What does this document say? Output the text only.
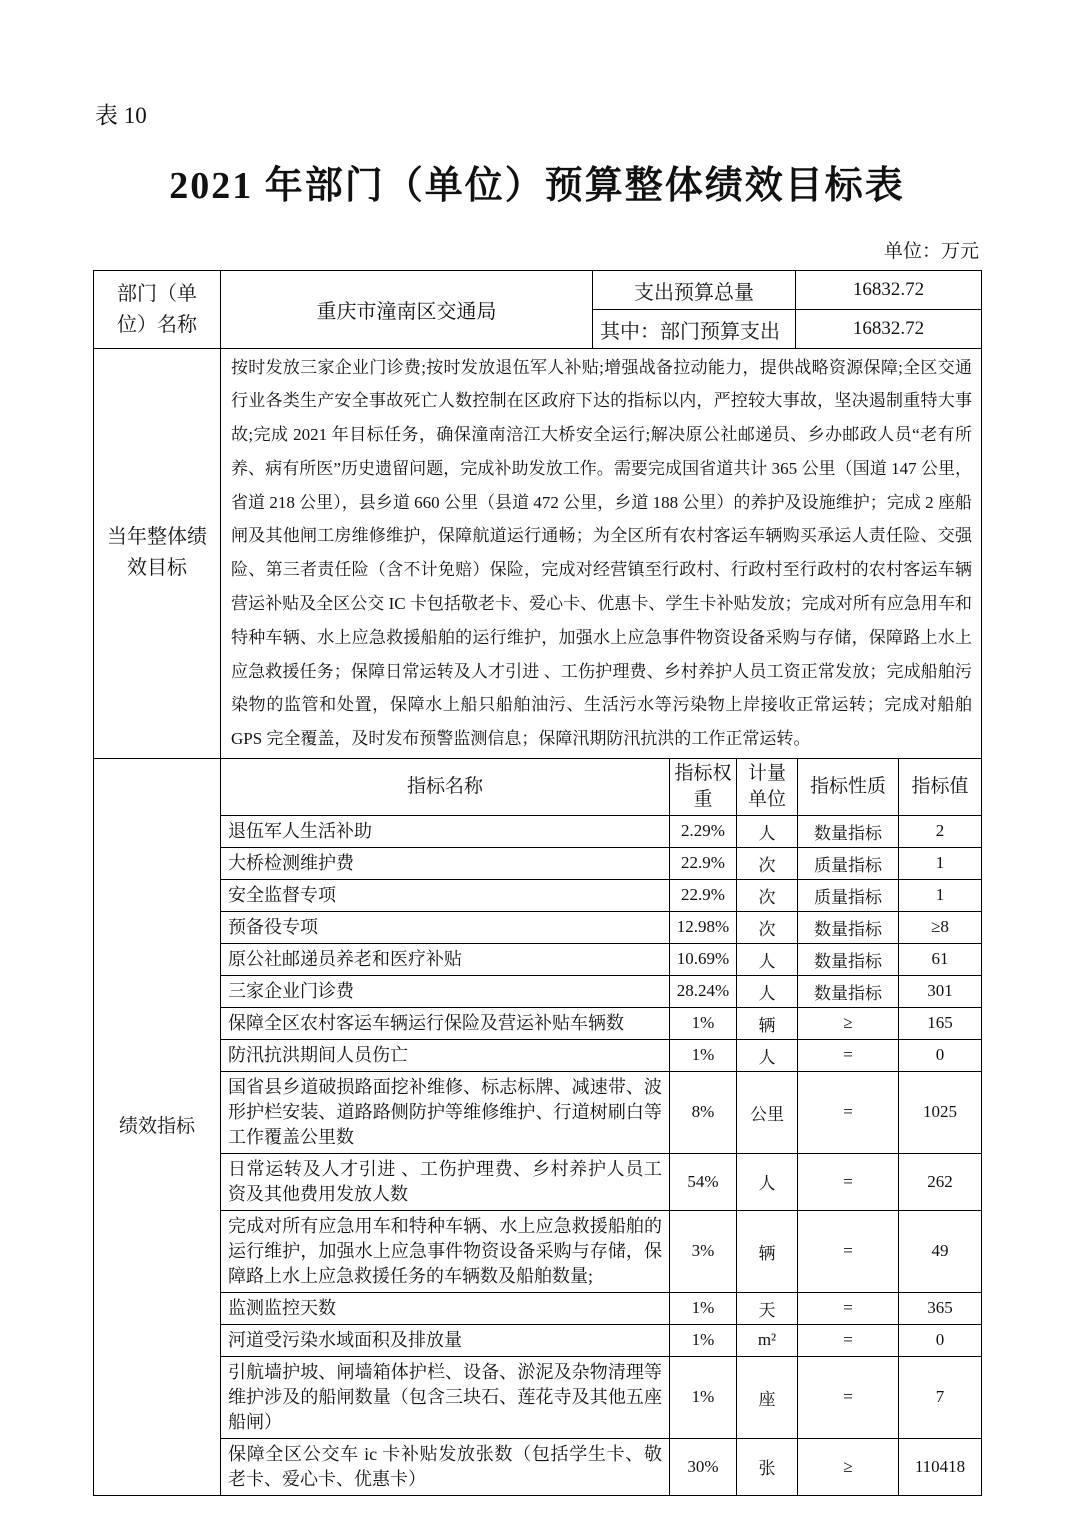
表 10
2021 年部门（单位）预算整体绩效目标表
单位：万元
部门（单位）名称	重庆市潼南区交通局	支出预算总量	16832.72
		其中：部门预算支出	16832.72
当年整体绩效目标	按时发放三家企业门诊费;按时发放退伍军人补贴;增强战备拉动能力，提供战略资源保障;全区交通行业各类生产安全事故死亡人数控制在区政府下达的指标以内，严控较大事故，坚决遏制重特大事故;完成 2021 年目标任务，确保潼南涪江大桥安全运行;解决原公社邮递员、乡办邮政人员“老有所养、病有所医”历史遗留问题，完成补助发放工作。需要完成国省道共计 365 公里（国道 147 公里，省道 218 公里），县乡道 660 公里（县道 472 公里，乡道 188 公里）的养护及设施维护；完成 2 座船闸及其他闸工房维修维护，保障航道运行通畅；为全区所有农村客运车辆购买承运人责任险、交强险、第三者责任险（含不计免赔）保险，完成对经营镇至行政村、行政村至行政村的农村客运车辆营运补贴及全区公交 IC 卡包括敬老卡、爱心卡、优惠卡、学生卡补贴发放；完成对所有应急用车和特种车辆、水上应急救援船舶的运行维护，加强水上应急事件物资设备采购与存储，保障路上水上应急救援任务；保障日常运转及人才引进 、工伤护理费、乡村养护人员工资正常发放；完成船舶污染物的监管和处置，保障水上船只船舶油污、生活污水等污染物上岸接收正常运转；完成对船舶 GPS 完全覆盖，及时发布预警监测信息；保障汛期防汛抗洪的工作正常运转。
绩效指标	指标名称	指标权重	计量单位	指标性质	指标值
	退伍军人生活补助	2.29%	人	数量指标	2
	大桥检测维护费	22.9%	次	质量指标	1
	安全监督专项	22.9%	次	质量指标	1
	预备役专项	12.98%	次	数量指标	≥8
	原公社邮递员养老和医疗补贴	10.69%	人	数量指标	61
	三家企业门诊费	28.24%	人	数量指标	301
	保障全区农村客运车辆运行保险及营运补贴车辆数	1%	辆	≥	165
	防汛抗洪期间人员伤亡	1%	人	=	0
	国省县乡道破损路面挖补维修、标志标牌、减速带、波形护栏安装、道路路侧防护等维修维护、行道树刷白等工作覆盖公里数	8%	公里	=	1025
	日常运转及人才引进 、工伤护理费、乡村养护人员工资及其他费用发放人数	54%	人	=	262
	完成对所有应急用车和特种车辆、水上应急救援船舶的运行维护，加强水上应急事件物资设备采购与存储，保障路上水上应急救援任务的车辆数及船舶数量;	3%	辆	=	49
	监测监控天数	1%	天	=	365
	河道受污染水域面积及排放量	1%	m²	=	0
	引航墙护坡、闸墙箱体护栏、设备、淤泥及杂物清理等维护涉及的船闸数量（包含三块石、莲花寺及其他五座船闸）	1%	座	=	7
	保障全区公交车 ic 卡补贴发放张数（包括学生卡、敬老卡、爱心卡、优惠卡）	30%	张	≥	110418
